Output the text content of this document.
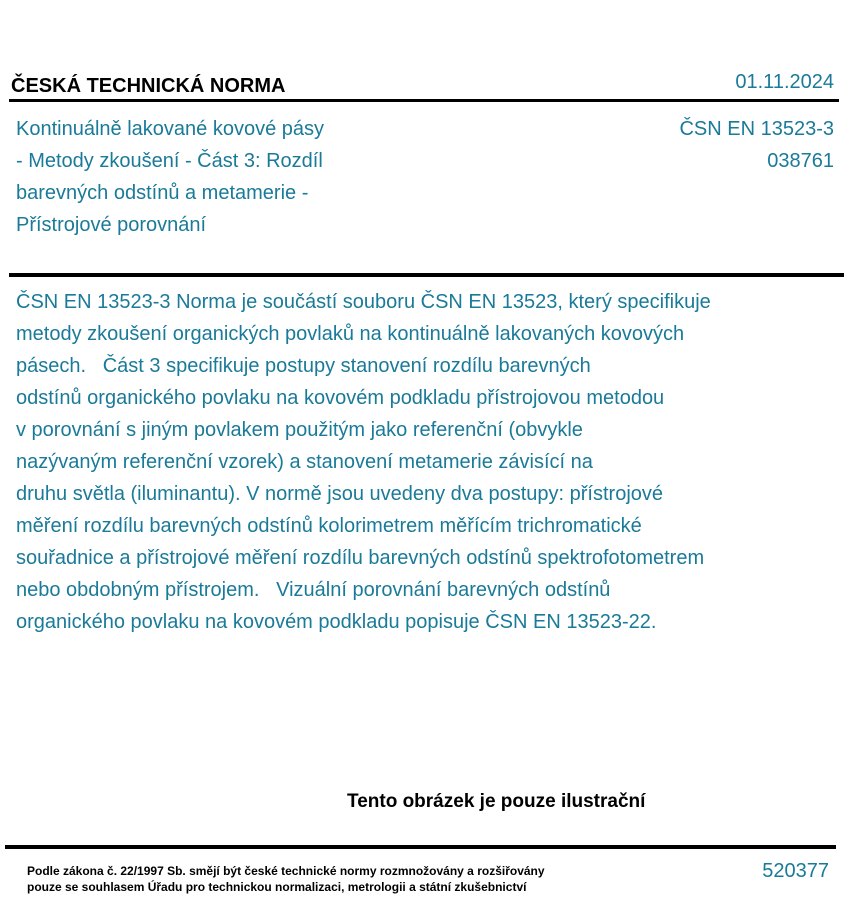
ČESKÁ TECHNICKÁ NORMA	01.11.2024
Kontinuálně lakované kovové pásy
- Metody zkoušení - Část 3: Rozdíl
barevných odstínů a metamerie -
Přístrojové porovnání
ČSN EN 13523-3
038761
ČSN EN 13523-3 Norma je součástí souboru ČSN EN 13523, který specifikuje
metody zkoušení organických povlaků na kontinuálně lakovaných kovových
pásech.   Část 3 specifikuje postupy stanovení rozdílu barevných
odstínů organického povlaku na kovovém podkladu přístrojovou metodou
v porovnání s jiným povlakem použitým jako referenční (obvykle
nazývaným referenční vzorek) a stanovení metamerie závisící na
druhu světla (iluminantu). V normě jsou uvedeny dva postupy: přístrojové
měření rozdílu barevných odstínů kolorimetrem měřícím trichromatické
souřadnice a přístrojové měření rozdílu barevných odstínů spektrofotometrem
nebo obdobným přístrojem.   Vizuální porovnání barevných odstínů
organického povlaku na kovovém podkladu popisuje ČSN EN 13523-22.
Tento obrázek je pouze ilustrační
Podle zákona č. 22/1997 Sb. smějí být české technické normy rozmnožovány a rozšiřovány
pouze se souhlasem Úřadu pro technickou normalizaci, metrologii a státní zkušebnictví
520377
